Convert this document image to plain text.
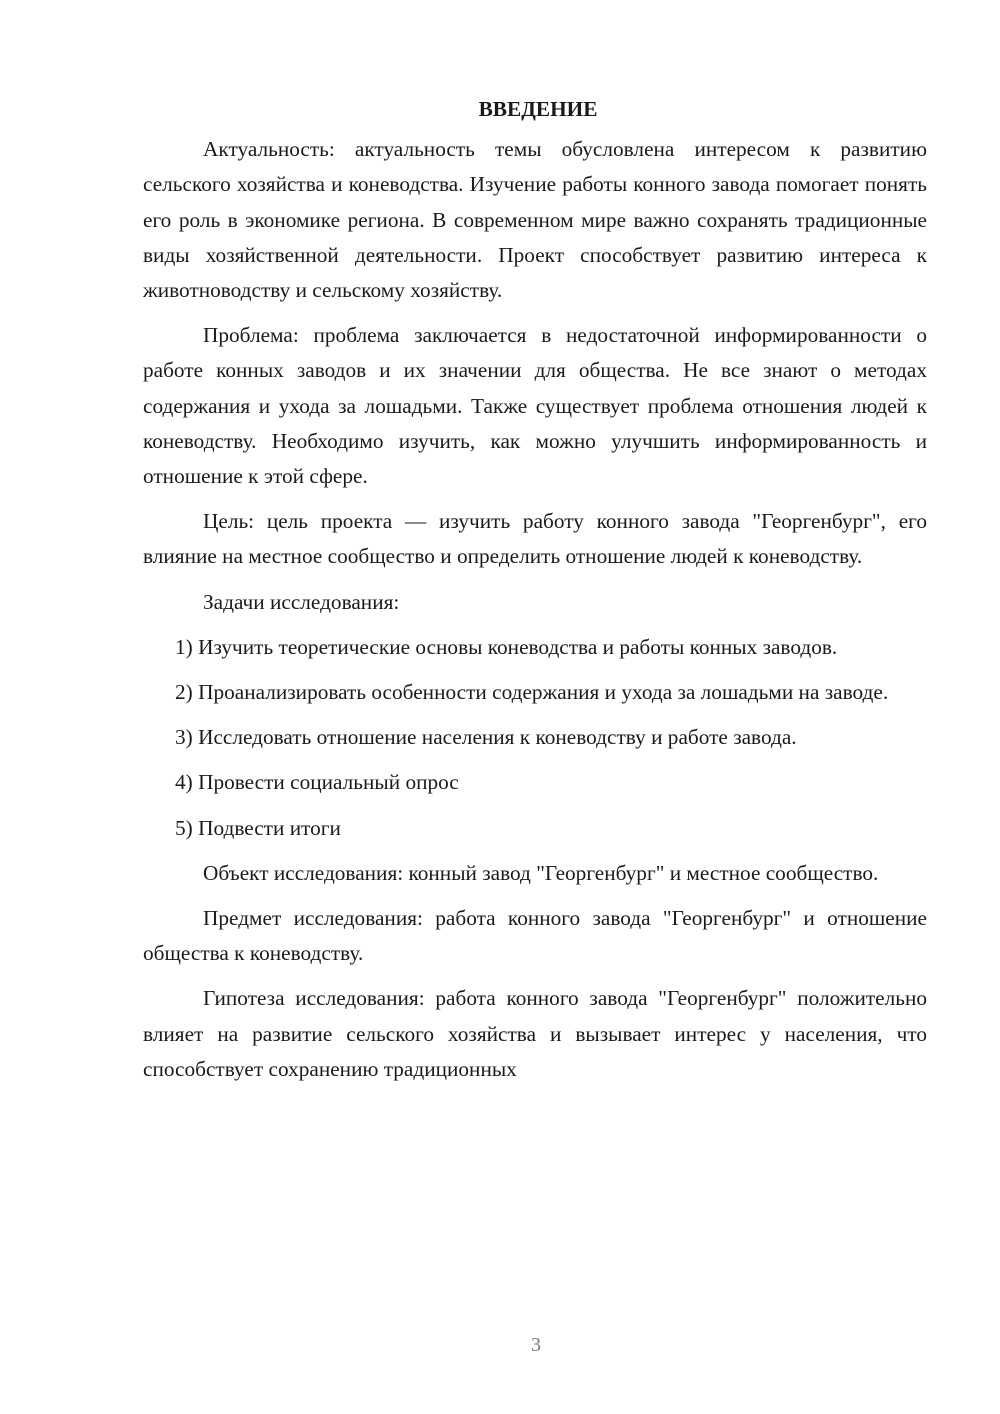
ВВЕДЕНИЕ

Актуальность: актуальность темы обусловлена интересом к развитию сельского хозяйства и коневодства. Изучение работы конного завода помогает понять его роль в экономике региона. В современном мире важно сохранять традиционные виды хозяйственной деятельности. Проект способствует развитию интереса к животноводству и сельскому хозяйству.

Проблема: проблема заключается в недостаточной информированности о работе конных заводов и их значении для общества. Не все знают о методах содержания и ухода за лошадьми. Также существует проблема отношения людей к коневодству. Необходимо изучить, как можно улучшить информированность и отношение к этой сфере.

Цель: цель проекта — изучить работу конного завода "Георгенбург", его влияние на местное сообщество и определить отношение людей к коневодству.

Задачи исследования:

1) Изучить теоретические основы коневодства и работы конных заводов.

2) Проанализировать особенности содержания и ухода за лошадьми на заводе.

3) Исследовать отношение населения к коневодству и работе завода.

4) Провести социальный опрос

5) Подвести итоги

Объект исследования: конный завод "Георгенбург" и местное сообщество.

Предмет исследования: работа конного завода "Георгенбург" и отношение общества к коневодству.

Гипотеза исследования: работа конного завода "Георгенбург" положительно влияет на развитие сельского хозяйства и вызывает интерес у населения, что способствует сохранению традиционных

3
